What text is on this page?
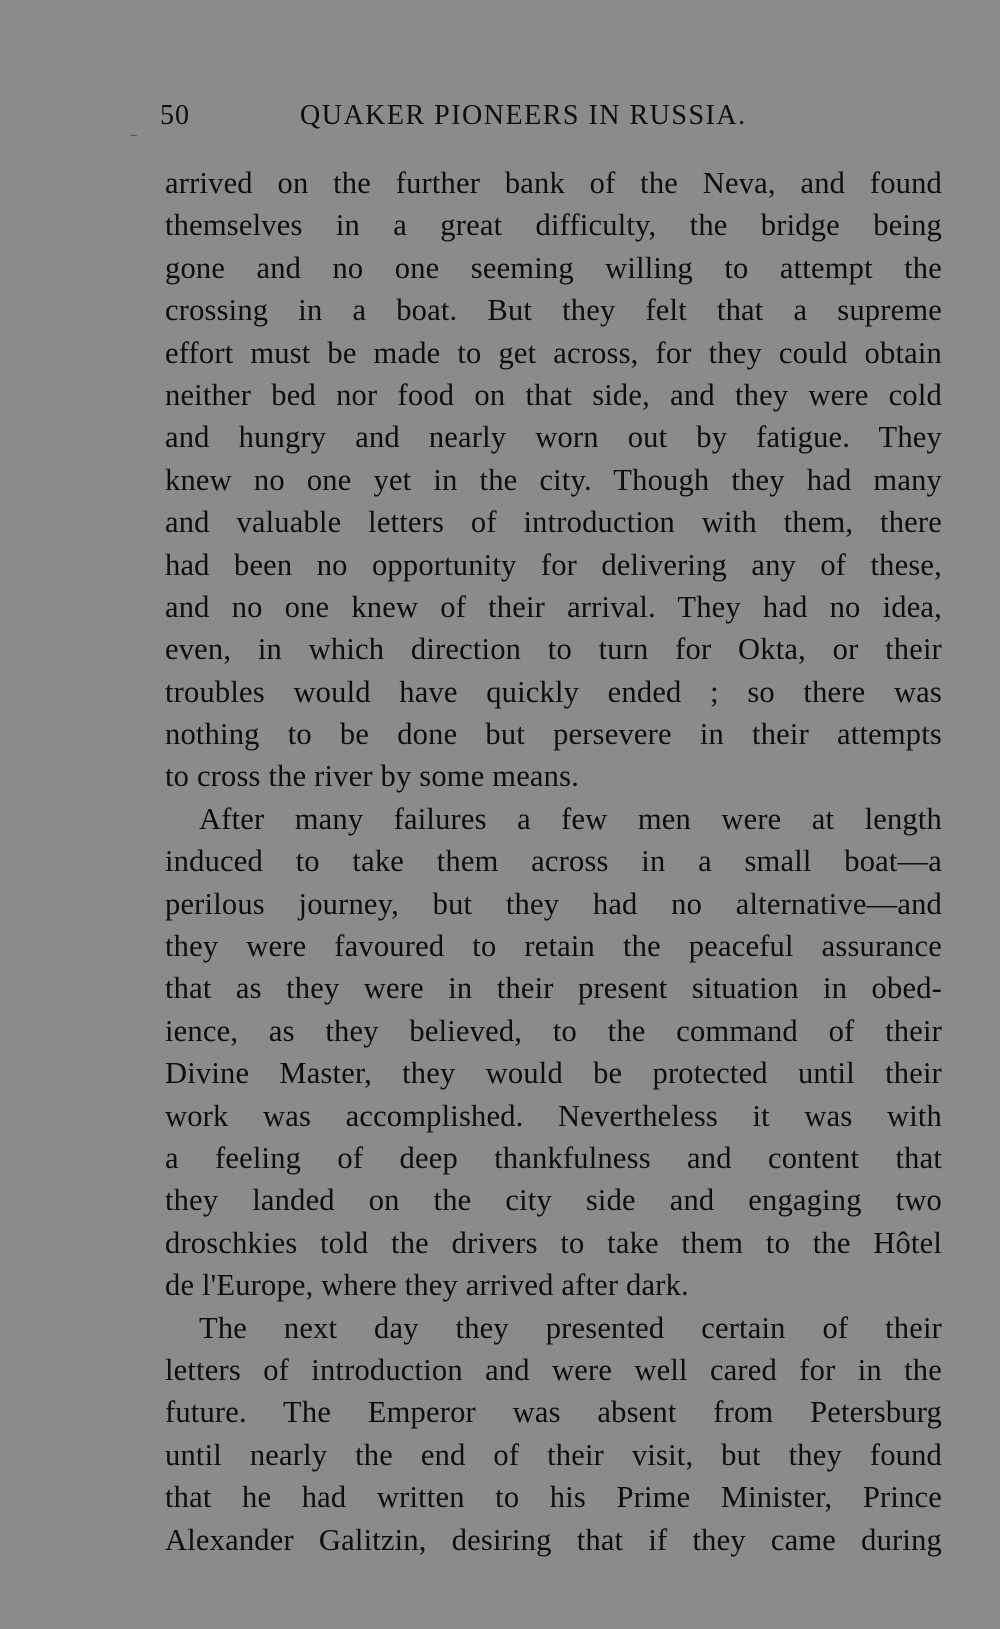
50	QUAKER PIONEERS IN RUSSIA.
arrived on the further bank of the Neva, and found
themselves in a great difficulty, the bridge being
gone and no one seeming willing to attempt the
crossing in a boat. But they felt that a supreme
effort must be made to get across, for they could obtain
neither bed nor food on that side, and they were cold
and hungry and nearly worn out by fatigue. They
knew no one yet in the city. Though they had many
and valuable letters of introduction with them, there
had been no opportunity for delivering any of these,
and no one knew of their arrival. They had no idea,
even, in which direction to turn for Okta, or their
troubles would have quickly ended ; so there was
nothing to be done but persevere in their attempts
to cross the river by some means.
After many failures a few men were at length
induced to take them across in a small boat—a
perilous journey, but they had no alternative—and
they were favoured to retain the peaceful assurance
that as they were in their present situation in obed-
ience, as they believed, to the command of their
Divine Master, they would be protected until their
work was accomplished. Nevertheless it was with
a feeling of deep thankfulness and content that
they landed on the city side and engaging two
droschkies told the drivers to take them to the Hôtel
de l'Europe, where they arrived after dark.
The next day they presented certain of their
letters of introduction and were well cared for in the
future. The Emperor was absent from Petersburg
until nearly the end of their visit, but they found
that he had written to his Prime Minister, Prince
Alexander Galitzin, desiring that if they came during
